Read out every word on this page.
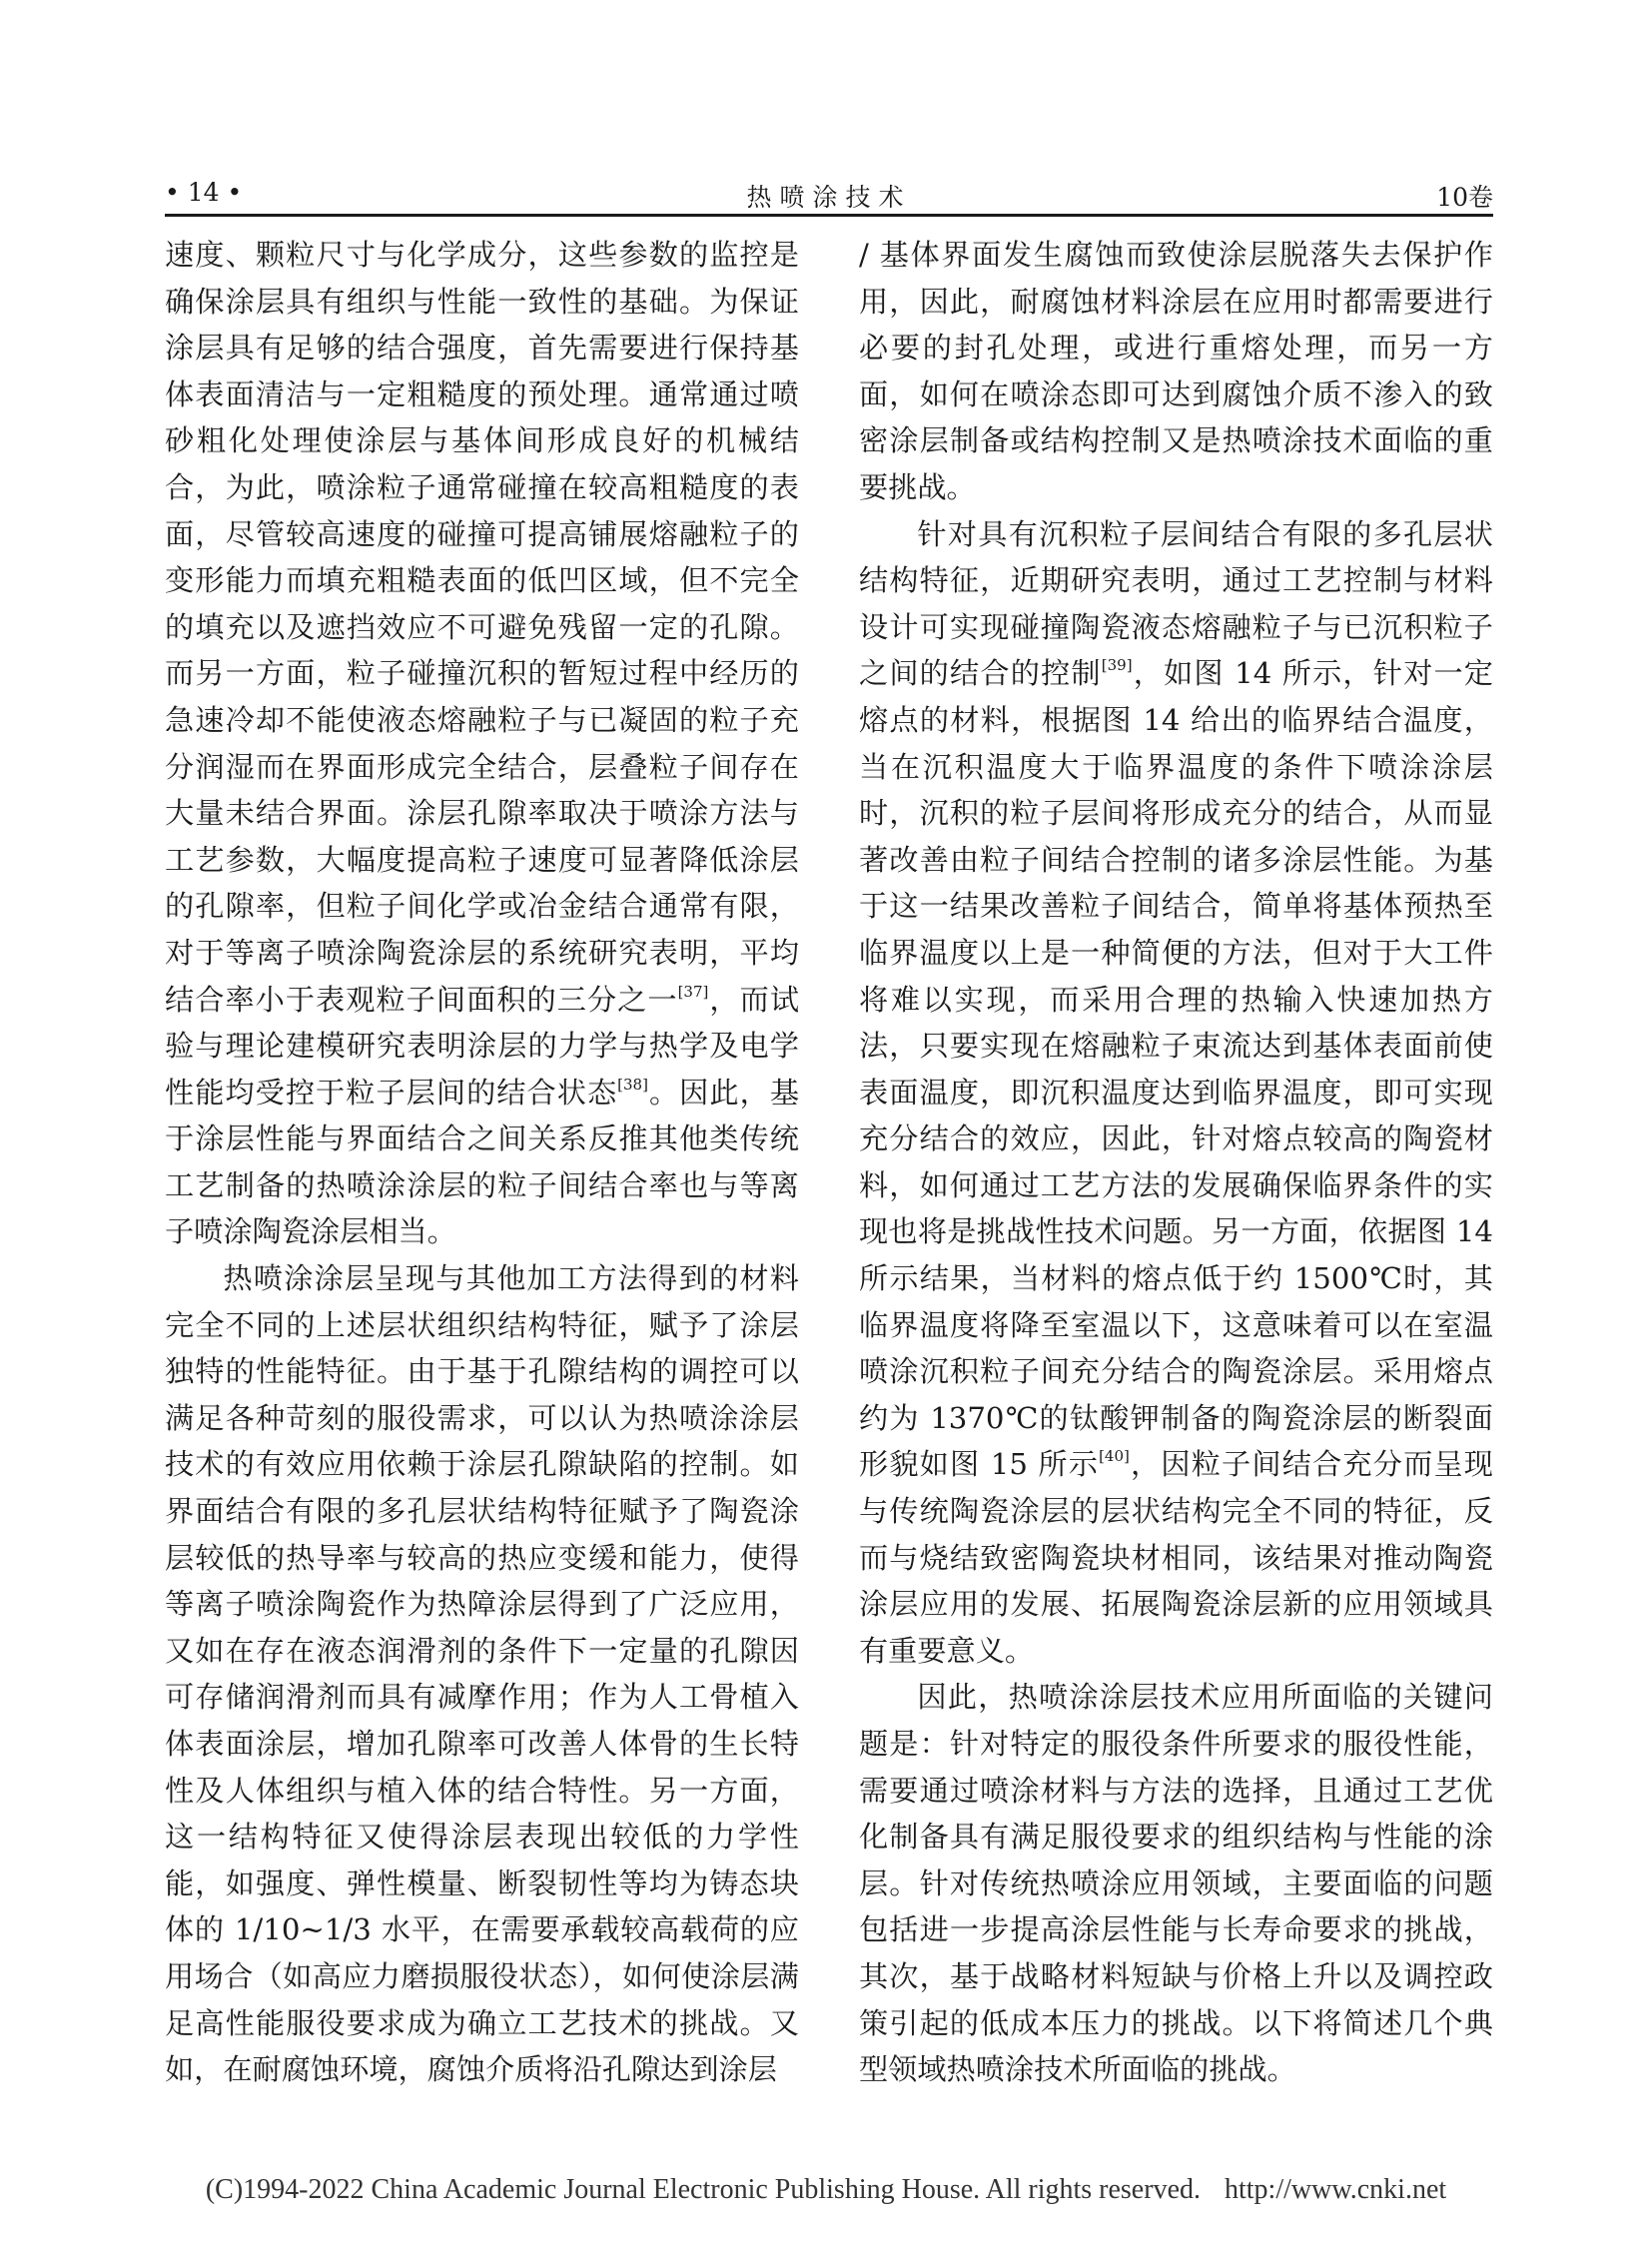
• 14 •	热喷涂技术	10卷

速度、颗粒尺寸与化学成分，这些参数的监控是确保涂层具有组织与性能一致性的基础。为保证涂层具有足够的结合强度，首先需要进行保持基体表面清洁与一定粗糙度的预处理。通常通过喷砂粗化处理使涂层与基体间形成良好的机械结合，为此，喷涂粒子通常碰撞在较高粗糙度的表面，尽管较高速度的碰撞可提高铺展熔融粒子的变形能力而填充粗糙表面的低凹区域，但不完全的填充以及遮挡效应不可避免残留一定的孔隙。而另一方面，粒子碰撞沉积的暂短过程中经历的急速冷却不能使液态熔融粒子与已凝固的粒子充分润湿而在界面形成完全结合，层叠粒子间存在大量未结合界面。涂层孔隙率取决于喷涂方法与工艺参数，大幅度提高粒子速度可显著降低涂层的孔隙率，但粒子间化学或冶金结合通常有限，对于等离子喷涂陶瓷涂层的系统研究表明，平均结合率小于表观粒子间面积的三分之一[37]，而试验与理论建模研究表明涂层的力学与热学及电学性能均受控于粒子层间的结合状态[38]。因此，基于涂层性能与界面结合之间关系反推其他类传统工艺制备的热喷涂涂层的粒子间结合率也与等离子喷涂陶瓷涂层相当。

热喷涂涂层呈现与其他加工方法得到的材料完全不同的上述层状组织结构特征，赋予了涂层独特的性能特征。由于基于孔隙结构的调控可以满足各种苛刻的服役需求，可以认为热喷涂涂层技术的有效应用依赖于涂层孔隙缺陷的控制。如界面结合有限的多孔层状结构特征赋予了陶瓷涂层较低的热导率与较高的热应变缓和能力，使得等离子喷涂陶瓷作为热障涂层得到了广泛应用，又如在存在液态润滑剂的条件下一定量的孔隙因可存储润滑剂而具有减摩作用；作为人工骨植入体表面涂层，增加孔隙率可改善人体骨的生长特性及人体组织与植入体的结合特性。另一方面，这一结构特征又使得涂层表现出较低的力学性能，如强度、弹性模量、断裂韧性等均为铸态块体的 1/10~1/3 水平，在需要承载较高载荷的应用场合（如高应力磨损服役状态），如何使涂层满足高性能服役要求成为确立工艺技术的挑战。又如，在耐腐蚀环境，腐蚀介质将沿孔隙达到涂层

/ 基体界面发生腐蚀而致使涂层脱落失去保护作用，因此，耐腐蚀材料涂层在应用时都需要进行必要的封孔处理，或进行重熔处理，而另一方面，如何在喷涂态即可达到腐蚀介质不渗入的致密涂层制备或结构控制又是热喷涂技术面临的重要挑战。

针对具有沉积粒子层间结合有限的多孔层状结构特征，近期研究表明，通过工艺控制与材料设计可实现碰撞陶瓷液态熔融粒子与已沉积粒子之间的结合的控制[39]，如图 14 所示，针对一定熔点的材料，根据图 14 给出的临界结合温度，当在沉积温度大于临界温度的条件下喷涂涂层时，沉积的粒子层间将形成充分的结合，从而显著改善由粒子间结合控制的诸多涂层性能。为基于这一结果改善粒子间结合，简单将基体预热至临界温度以上是一种简便的方法，但对于大工件将难以实现，而采用合理的热输入快速加热方法，只要实现在熔融粒子束流达到基体表面前使表面温度，即沉积温度达到临界温度，即可实现充分结合的效应，因此，针对熔点较高的陶瓷材料，如何通过工艺方法的发展确保临界条件的实现也将是挑战性技术问题。另一方面，依据图 14 所示结果，当材料的熔点低于约 1500℃时，其临界温度将降至室温以下，这意味着可以在室温喷涂沉积粒子间充分结合的陶瓷涂层。采用熔点约为 1370℃的钛酸钾制备的陶瓷涂层的断裂面形貌如图 15 所示[40]，因粒子间结合充分而呈现与传统陶瓷涂层的层状结构完全不同的特征，反而与烧结致密陶瓷块材相同，该结果对推动陶瓷涂层应用的发展、拓展陶瓷涂层新的应用领域具有重要意义。

因此，热喷涂涂层技术应用所面临的关键问题是：针对特定的服役条件所要求的服役性能，需要通过喷涂材料与方法的选择，且通过工艺优化制备具有满足服役要求的组织结构与性能的涂层。针对传统热喷涂应用领域，主要面临的问题包括进一步提高涂层性能与长寿命要求的挑战，其次，基于战略材料短缺与价格上升以及调控政策引起的低成本压力的挑战。以下将简述几个典型领域热喷涂技术所面临的挑战。

(C)1994-2022 China Academic Journal Electronic Publishing House. All rights reserved. http://www.cnki.net
